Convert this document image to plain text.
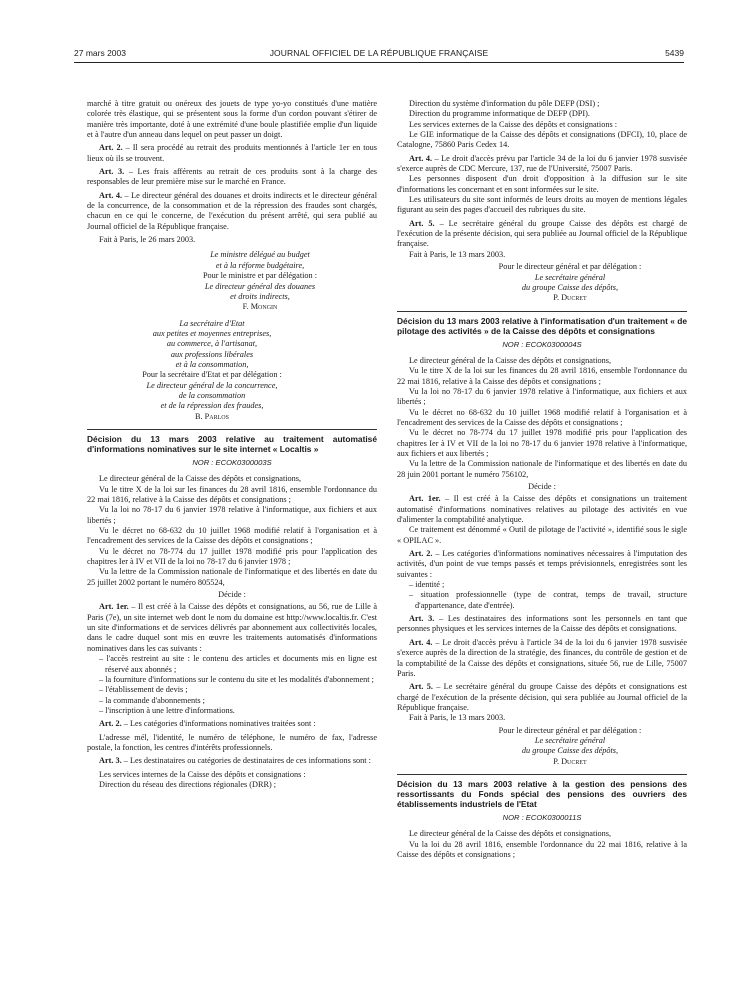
27 mars 2003	JOURNAL OFFICIEL DE LA RÉPUBLIQUE FRANÇAISE	5439

marché à titre gratuit ou onéreux des jouets de type yo-yo constitués d'une matière colorée très élastique, qui se présentent sous la forme d'un cordon pouvant s'étirer de manière très importante, doté à une extrémité d'une boule plastifiée emplie d'un liquide et à l'autre d'un anneau dans lequel on peut passer un doigt.

Art. 2. – Il sera procédé au retrait des produits mentionnés à l'article 1er en tous lieux où ils se trouvent.

Art. 3. – Les frais afférents au retrait de ces produits sont à la charge des responsables de leur première mise sur le marché en France.

Art. 4. – Le directeur général des douanes et droits indirects et le directeur général de la concurrence, de la consommation et de la répression des fraudes sont chargés, chacun en ce qui le concerne, de l'exécution du présent arrêté, qui sera publié au Journal officiel de la République française.

Fait à Paris, le 26 mars 2003.

Le ministre délégué au budget
et à la réforme budgétaire,
Pour le ministre et par délégation :
Le directeur général des douanes
et droits indirects,
F. Mongin
La secrétaire d'Etat
aux petites et moyennes entreprises,
au commerce, à l'artisanat,
aux professions libérales
et à la consommation,
Pour la secrétaire d'Etat et par délégation :
Le directeur général de la concurrence,
de la consommation
et de la répression des fraudes,
B. Parlos
Décision du 13 mars 2003 relative au traitement automatisé d'informations nominatives sur le site internet « Localtis »
NOR : ECOK0300003S

Le directeur général de la Caisse des dépôts et consignations,

Vu le titre X de la loi sur les finances du 28 avril 1816, ensemble l'ordonnance du 22 mai 1816, relative à la Caisse des dépôts et consignations ;

Vu la loi no 78-17 du 6 janvier 1978 relative à l'informatique, aux fichiers et aux libertés ;

Vu le décret no 68-632 du 10 juillet 1968 modifié relatif à l'organisation et à l'encadrement des services de la Caisse des dépôts et consignations ;

Vu le décret no 78-774 du 17 juillet 1978 modifié pris pour l'application des chapitres Ier à IV et VII de la loi no 78-17 du 6 janvier 1978 ;

Vu la lettre de la Commission nationale de l'informatique et des libertés en date du 25 juillet 2002 portant le numéro 805524,

Décide :

Art. 1er. – Il est créé à la Caisse des dépôts et consignations, au 56, rue de Lille à Paris (7e), un site internet web dont le nom du domaine est http://www.localtis.fr. C'est un site d'informations et de services délivrés par abonnement aux collectivités locales, dans le cadre duquel sont mis en œuvre les traitements automatisés d'informations nominatives dans les cas suivants :

– l'accès restreint au site : le contenu des articles et documents mis en ligne est réservé aux abonnés ;
– la fourniture d'informations sur le contenu du site et les modalités d'abonnement ;
– l'établissement de devis ;
– la commande d'abonnements ;
– l'inscription à une lettre d'informations.

Art. 2. – Les catégories d'informations nominatives traitées sont :

L'adresse mél, l'identité, le numéro de téléphone, le numéro de fax, l'adresse postale, la fonction, les centres d'intérêts professionnels.

Art. 3. – Les destinataires ou catégories de destinataires de ces informations sont :

Les services internes de la Caisse des dépôts et consignations :

Direction du réseau des directions régionales (DRR) ;

Direction du système d'information du pôle DEFP (DSI) ;

Direction du programme informatique de DEFP (DPI).

Les services externes de la Caisse des dépôts et consignations :

Le GIE informatique de la Caisse des dépôts et consignations (DFCI), 10, place de Catalogne, 75860 Paris Cedex 14.

Art. 4. – Le droit d'accès prévu par l'article 34 de la loi du 6 janvier 1978 susvisée s'exerce auprès de CDC Mercure, 137, rue de l'Université, 75007 Paris.

Les personnes disposent d'un droit d'opposition à la diffusion sur le site d'informations les concernant et en sont informées sur le site.

Les utilisateurs du site sont informés de leurs droits au moyen de mentions légales figurant au sein des pages d'accueil des rubriques du site.

Art. 5. – Le secrétaire général du groupe Caisse des dépôts est chargé de l'exécution de la présente décision, qui sera publiée au Journal officiel de la République française.

Fait à Paris, le 13 mars 2003.

Pour le directeur général et par délégation :
Le secrétaire général
du groupe Caisse des dépôts,
P. Ducret
Décision du 13 mars 2003 relative à l'informatisation d'un traitement « de pilotage des activités » de la Caisse des dépôts et consignations
NOR : ECOK0300004S

Le directeur général de la Caisse des dépôts et consignations,

Vu le titre X de la loi sur les finances du 28 avril 1816, ensemble l'ordonnance du 22 mai 1816, relative à la Caisse des dépôts et consignations ;

Vu la loi no 78-17 du 6 janvier 1978 relative à l'informatique, aux fichiers et aux libertés ;

Vu le décret no 68-632 du 10 juillet 1968 modifié relatif à l'organisation et à l'encadrement des services de la Caisse des dépôts et consignations ;

Vu le décret no 78-774 du 17 juillet 1978 modifié pris pour l'application des chapitres Ier à IV et VII de la loi no 78-17 du 6 janvier 1978 relative à l'informatique, aux fichiers et aux libertés ;

Vu la lettre de la Commission nationale de l'informatique et des libertés en date du 28 juin 2001 portant le numéro 756102,

Décide :

Art. 1er. – Il est créé à la Caisse des dépôts et consignations un traitement automatisé d'informations nominatives relatives au pilotage des activités en vue d'alimenter la comptabilité analytique.

Ce traitement est dénommé « Outil de pilotage de l'activité », identifié sous le sigle « OPILAC ».

Art. 2. – Les catégories d'informations nominatives nécessaires à l'imputation des activités, d'un point de vue temps passés et temps prévisionnels, enregistrées sont les suivantes :

– identité ;
– situation professionnelle (type de contrat, temps de travail, structure d'appartenance, date d'entrée).

Art. 3. – Les destinataires des informations sont les personnels en tant que personnes physiques et les services internes de la Caisse des dépôts et consignations.

Art. 4. – Le droit d'accès prévu à l'article 34 de la loi du 6 janvier 1978 susvisée s'exerce auprès de la direction de la stratégie, des finances, du contrôle de gestion et de la comptabilité de la Caisse des dépôts et consignations, située 56, rue de Lille, 75007 Paris.

Art. 5. – Le secrétaire général du groupe Caisse des dépôts et consignations est chargé de l'exécution de la présente décision, qui sera publiée au Journal officiel de la République française.

Fait à Paris, le 13 mars 2003.

Pour le directeur général et par délégation :
Le secrétaire général
du groupe Caisse des dépôts,
P. Ducret
Décision du 13 mars 2003 relative à la gestion des pensions des ressortissants du Fonds spécial des pensions des ouvriers des établissements industriels de l'Etat
NOR : ECOK0300011S

Le directeur général de la Caisse des dépôts et consignations,

Vu la loi du 28 avril 1816, ensemble l'ordonnance du 22 mai 1816, relative à la Caisse des dépôts et consignations ;
